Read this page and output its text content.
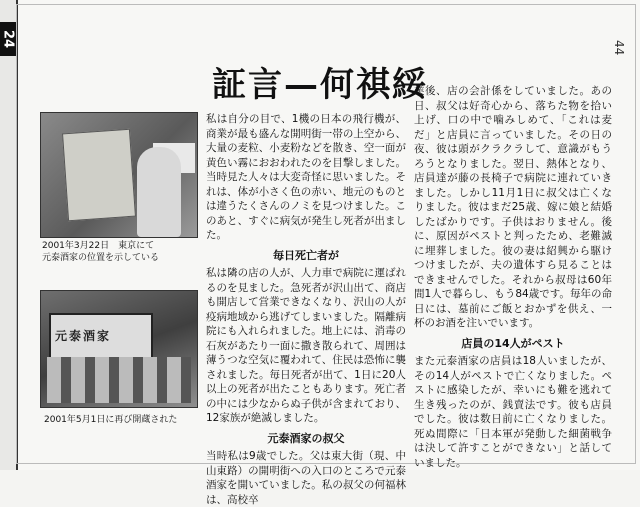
24	44
証言—何祺綏
2001年3月22日　東京にて
元泰酒家の位置を示している
元泰酒家
2001年5月1日に再び開蔵された

私は自分の目で、1機の日本の飛行機が、商業が最も盛んな開明街一帯の上空から、大量の麦粒、小麦粉などを散き、空一面が黄色い霧におおわれたのを目撃しました。当時見た人々は大変奇怪に思いました。それは、体が小さく色の赤い、地元のものとは違うたくさんのノミを見つけました。このあと、すぐに病気が発生し死者が出ました。

毎日死亡者が

私は隣の店の人が、人力車で病院に運ばれるのを見ました。急死者が沢山出て、商店も開店して営業できなくなり、沢山の人が疫病地域から逃げてしまいました。隔離病院にも入れられました。地上には、消毒の石灰があたり一面に撒き散られて、周囲は薄うつな空気に覆われて、住民は恐怖に襲されました。毎日死者が出て、1日に20人以上の死者が出たこともあります。死亡者の中には少なからぬ子供が含まれており、12家族が絶滅しました。

元泰酒家の叔父

当時私は9歳でした。父は東大街（現、中山東路）の開明街への入口のところで元泰酒家を開いていました。私の叔父の何福林は、高校卒

業後、店の会計係をしていました。あの日、叔父は好奇心から、落ちた物を拾い上げ、口の中で噛みしめて、「これは麦だ」と店員に言っていました。その日の夜、彼は頭がクラクラして、意識がもうろうとなりました。翌日、熱体となり、店員達が藤の長椅子で病院に連れていきました。しかし11月1日に叔父は亡くなりました。彼はまだ25歳、嫁に娘と結婚したばかりです。子供はおりません。後に、原因がペストと判ったため、老難滅に埋葬しました。彼の妻は紹興から駆けつけましたが、夫の遺体すら見ることはできませんでした。それから叔母は60年間1人で暮らし、もう84歳です。毎年の命日には、墓前にご飯とおかずを供え、一杯のお酒を注いでいます。

店員の14人がペスト

また元泰酒家の店員は18人いましたが、その14人がペストで亡くなりました。ペストに感染したが、幸いにも難を逃れて生き残ったのが、銭賣法です。彼も店員でした。彼は数日前に亡くなりました。死ぬ間際に「日本軍が発動した細菌戦争は決して許すことができない」と話していました。
